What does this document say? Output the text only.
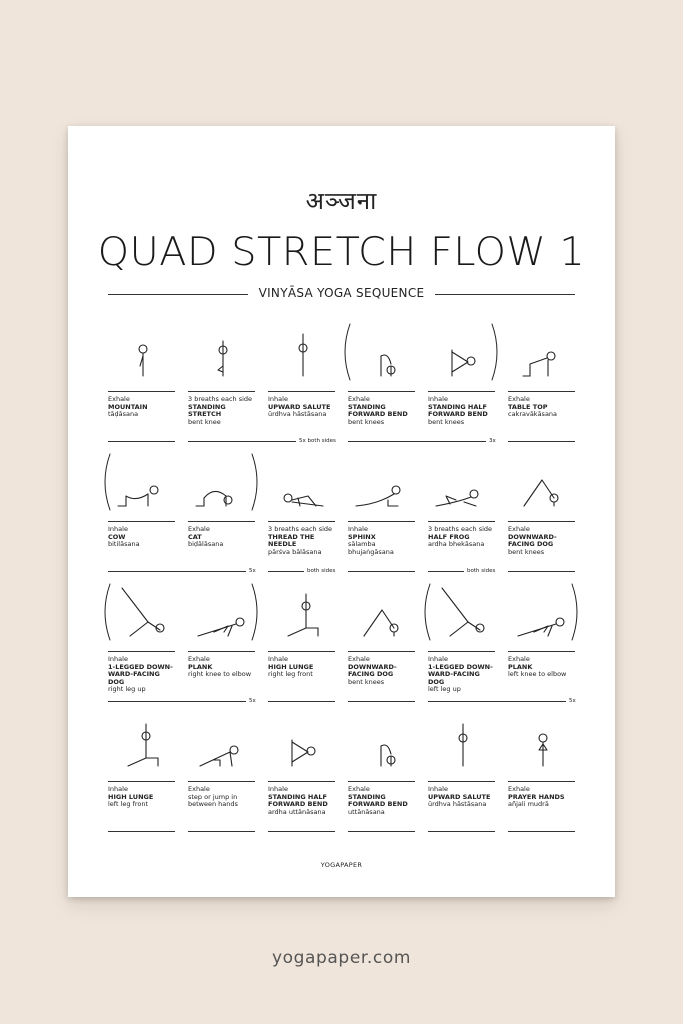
अञ्जना
QUAD STRETCH FLOW 1
VINYĀSA YOGA SEQUENCE
Exhale
MOUNTAIN
tāḍāsana
3 breaths each side
STANDING STRETCH
bent knee
Inhale
UPWARD SALUTE
ūrdhva hāstāsana
Exhale
STANDING FORWARD BEND
bent knees
Inhale
STANDING HALF FORWARD BEND
bent knees
Exhale
TABLE TOP
cakravākāsana
5x both sides	3x
Inhale
COW
bitilāsana
Exhale
CAT
biḍālāsana
3 breaths each side
THREAD THE NEEDLE
pārśva bālāsana
Inhale
SPHINX
sālamba bhujaṅgāsana
3 breaths each side
HALF FROG
ardha bhekāsana
Exhale
DOWNWARD-FACING DOG
bent knees
5x	both sides	both sides
Inhale
1-LEGGED DOWN-WARD-FACING DOG
right leg up
Exhale
PLANK
right knee to elbow
Inhale
HIGH LUNGE
right leg front
Exhale
DOWNWARD-FACING DOG
bent knees
Inhale
1-LEGGED DOWN-WARD-FACING DOG
left leg up
Exhale
PLANK
left knee to elbow
5x	5x
Inhale
HIGH LUNGE
left leg front
Exhale
step or jump in between hands
Inhale
STANDING HALF FORWARD BEND
ardha uttānāsana
Exhale
STANDING FORWARD BEND
uttānāsana
Inhale
UPWARD SALUTE
ūrdhva hāstāsana
Exhale
PRAYER HANDS
añjali mudrā
YOGAPAPER
yogapaper.com
